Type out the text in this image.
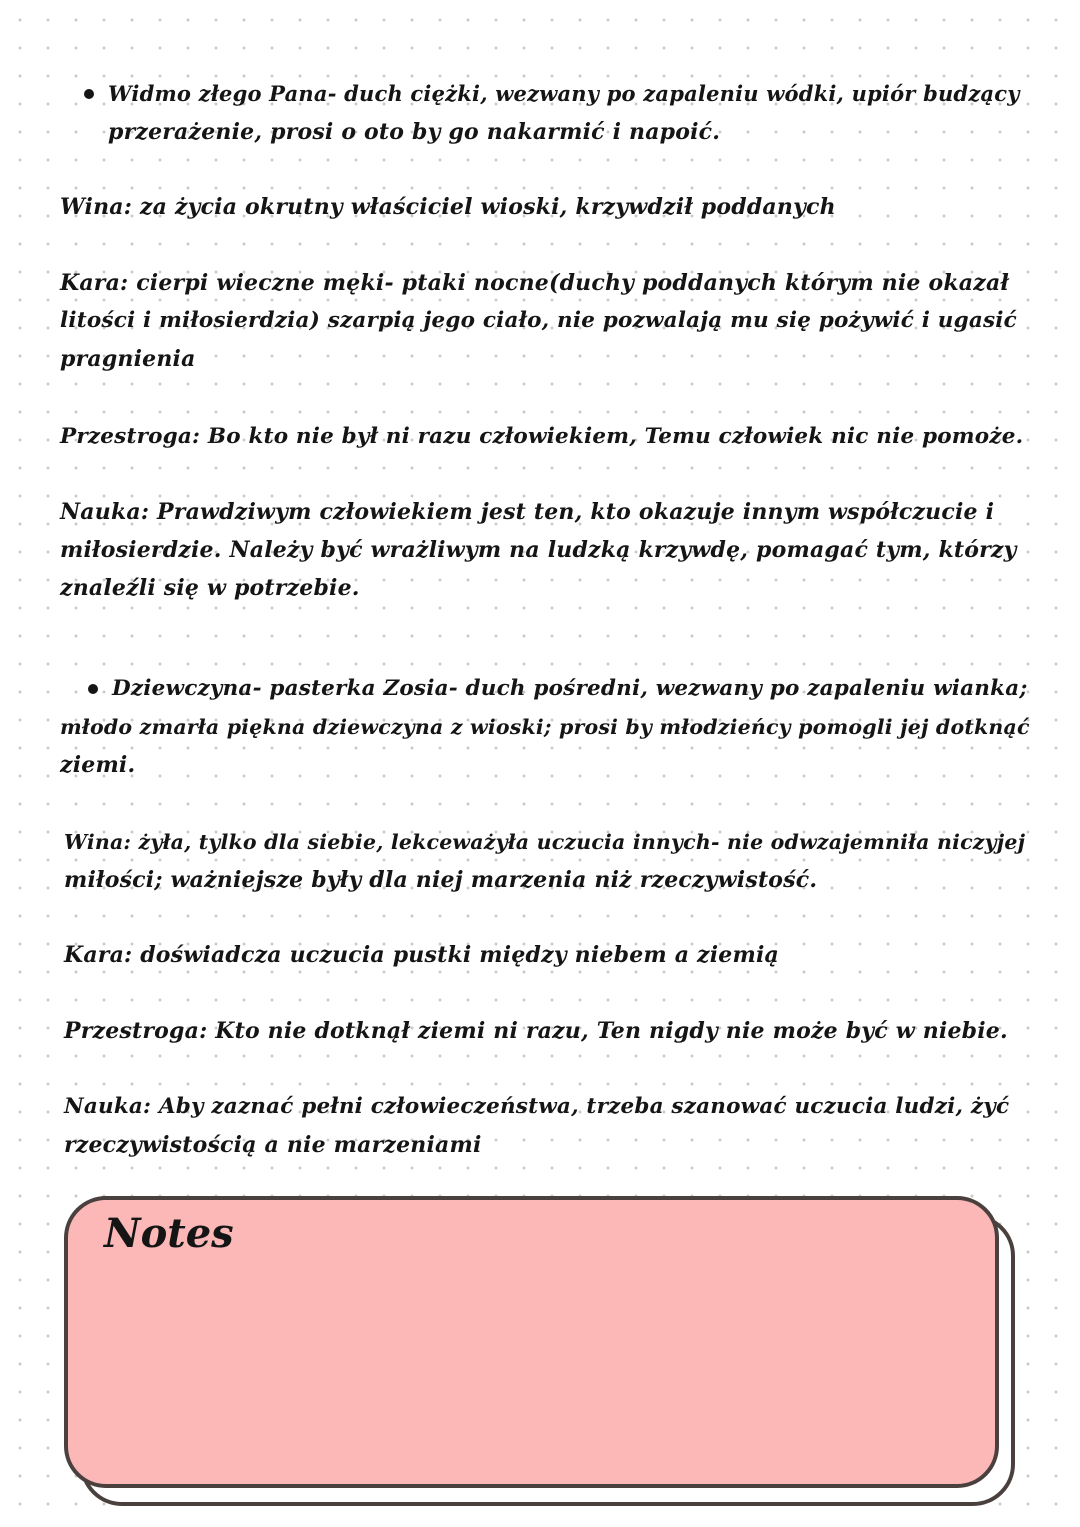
Widmo złego Pana- duch ciężki, wezwany po zapaleniu wódki, upiór budzący
przerażenie, prosi o oto by go nakarmić i napoić.
Wina: za życia okrutny właściciel wioski, krzywdził poddanych
Kara: cierpi wieczne męki- ptaki nocne(duchy poddanych którym nie okazał
litości i miłosierdzia) szarpią jego ciało, nie pozwalają mu się pożywić i ugasić
pragnienia
Przestroga: Bo kto nie był ni razu człowiekiem, Temu człowiek nic nie pomoże.
Nauka: Prawdziwym człowiekiem jest ten, kto okazuje innym współczucie i
miłosierdzie. Należy być wrażliwym na ludzką krzywdę, pomagać tym, którzy
znaleźli się w potrzebie.
Dziewczyna- pasterka Zosia- duch pośredni, wezwany po zapaleniu wianka;
młodo zmarła piękna dziewczyna z wioski; prosi by młodzieńcy pomogli jej dotknąć
ziemi.
Wina: żyła, tylko dla siebie, lekceważyła uczucia innych- nie odwzajemniła niczyjej
miłości; ważniejsze były dla niej marzenia niż rzeczywistość.
Kara: doświadcza uczucia pustki między niebem a ziemią
Przestroga: Kto nie dotknął ziemi ni razu, Ten nigdy nie może być w niebie.
Nauka: Aby zaznać pełni człowieczeństwa, trzeba szanować uczucia ludzi, żyć
rzeczywistością a nie marzeniami
Notes
